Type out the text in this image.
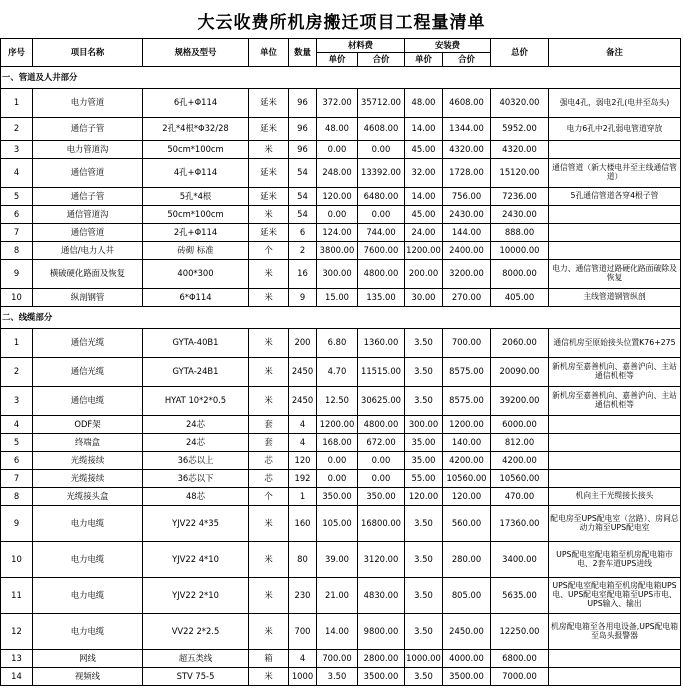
大云收费所机房搬迁项目工程量清单
序号	项目名称	规格及型号	单位	数量	材料费		安装费		总价	备注
					单价	合价	单价	合价		
一、管道及人井部分										
1	电力管道	6孔+Φ114	延米	96	372.00	35712.00	48.00	4608.00	40320.00	强电4孔，弱电2孔(电井至岛头)
2	通信子管	2孔*4根*Φ32/28	延米	96	48.00	4608.00	14.00	1344.00	5952.00	电力6孔中2孔弱电管道穿放
3	电力管道沟	50cm*100cm	米	96	0.00	0.00	45.00	4320.00	4320.00	
4	通信管道	4孔+Φ114	延米	54	248.00	13392.00	32.00	1728.00	15120.00	通信管道（新大楼电井至主线通信管道）
5	通信子管	5孔*4根	延米	54	120.00	6480.00	14.00	756.00	7236.00	5孔通信管道各穿4根子管
6	通信管道沟	50cm*100cm	米	54	0.00	0.00	45.00	2430.00	2430.00	
7	通信管道	2孔+Φ114	延米	6	124.00	744.00	24.00	144.00	888.00	
8	通信/电力人井	砖砌 标准	个	2	3800.00	7600.00	1200.00	2400.00	10000.00	
9	横破硬化路面及恢复	400*300	米	16	300.00	4800.00	200.00	3200.00	8000.00	电力、通信管道过路硬化路面破除及恢复
10	纵剖钢管	6*Φ114	米	9	15.00	135.00	30.00	270.00	405.00	主线管道钢管纵剖
二、线缆部分										
1	通信光缆	GYTA-40B1	米	200	6.80	1360.00	3.50	700.00	2060.00	通信机房至原始接头位置K76+275
2	通信光缆	GYTA-24B1	米	2450	4.70	11515.00	3.50	8575.00	20090.00	新机房至嘉善机向、嘉善沪向、主站通信机柜等
3	通信电缆	HYAT 10*2*0.5	米	2450	12.50	30625.00	3.50	8575.00	39200.00	新机房至嘉善机向、嘉善沪向、主站通信机柜等
4	ODF架	24芯	套	4	1200.00	4800.00	300.00	1200.00	6000.00	
5	终端盒	24芯	套	4	168.00	672.00	35.00	140.00	812.00	
6	光缆接续	36芯以上	芯	120	0.00	0.00	35.00	4200.00	4200.00	
7	光缆接续	36芯以下	芯	192	0.00	0.00	55.00	10560.00	10560.00	
8	光缆接头盒	48芯	个	1	350.00	350.00	120.00	120.00	470.00	机向主干光缆接长接头
9	电力电缆	YJV22 4*35	米	160	105.00	16800.00	3.50	560.00	17360.00	配电房至UPS配电室（岔路）、房间总动力箱至UPS配电室
10	电力电缆	YJV22 4*10	米	80	39.00	3120.00	3.50	280.00	3400.00	UPS配电室配电箱至机房配电箱市电、2套车道UPS进线
11	电力电缆	YJV22 2*10	米	230	21.00	4830.00	3.50	805.00	5635.00	UPS配电室配电箱至机房配电箱UPS电、UPS配电室配电箱至UPS市电、UPS输入、输出
12	电力电缆	VV22 2*2.5	米	700	14.00	9800.00	3.50	2450.00	12250.00	机房配电箱至各用电设备,UPS配电箱至岛头报警器
13	网线	超五类线	箱	4	700.00	2800.00	1000.00	4000.00	6800.00	
14	视频线	STV 75-5	米	1000	3.50	3500.00	3.50	3500.00	7000.00	
